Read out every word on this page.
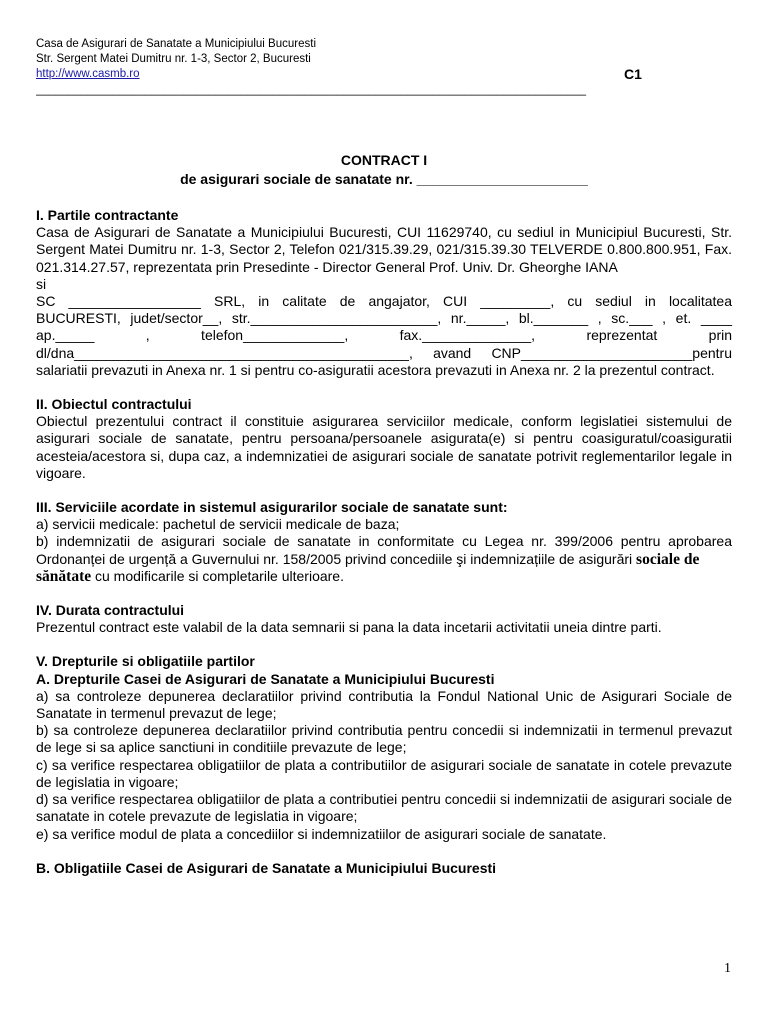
Casa de Asigurari de Sanatate a Municipiului Bucuresti
Str. Sergent Matei Dumitru nr. 1-3, Sector 2, Bucuresti
http://www.casmb.ro	C1
______________________________________________________________________________________
CONTRACT I
de asigurari sociale de sanatate nr. ______________________

I. Partile contractante

Casa de Asigurari de Sanatate a Municipiului Bucuresti, CUI 11629740, cu sediul in Municipiul Bucuresti, Str. Sergent Matei Dumitru nr. 1-3, Sector 2, Telefon 021/315.39.29, 021/315.39.30 TELVERDE 0.800.800.951, Fax. 021.314.27.57, reprezentata prin Presedinte - Director General Prof. Univ. Dr. Gheorghe IANA

si

SC _________________ SRL, in calitate de angajator, CUI _________, cu sediul in localitatea

BUCURESTI, judet/sector__, str.________________________, nr._____, bl._______ , sc.___ , et. ____

ap._____ , telefon_____________, fax.______________, reprezentat prin

dl/dna___________________________________________, avand CNP______________________pentru

salariatii prevazuti in Anexa nr. 1 si pentru co-asiguratii acestora prevazuti in Anexa nr. 2 la prezentul contract.

II. Obiectul contractului

Obiectul prezentului contract il constituie asigurarea serviciilor medicale, conform legislatiei sistemului de asigurari sociale de sanatate, pentru persoana/persoanele asigurata(e) si pentru coasiguratul/coasiguratii acesteia/acestora si, dupa caz, a indemnizatiei de asigurari sociale de sanatate potrivit reglementarilor legale in vigoare.

III. Serviciile acordate in sistemul asigurarilor sociale de sanatate sunt:

a) servicii medicale: pachetul de servicii medicale de baza;

b) indemnizatii de asigurari sociale de sanatate in conformitate cu Legea nr. 399/2006 pentru aprobarea

Ordonanței de urgență a Guvernului nr. 158/2005 privind concediile şi indemnizațiile de asigurări sociale de sănătate cu modificarile si completarile ulterioare.

IV. Durata contractului

Prezentul contract este valabil de la data semnarii si pana la data incetarii activitatii uneia dintre parti.

V. Drepturile si obligatiile partilor

A. Drepturile Casei de Asigurari de Sanatate a Municipiului Bucuresti

a) sa controleze depunerea declaratiilor privind contributia la Fondul National Unic de Asigurari Sociale de Sanatate in termenul prevazut de lege;

b) sa controleze depunerea declaratiilor privind contributia pentru concedii si indemnizatii in termenul prevazut de lege si sa aplice sanctiuni in conditiile prevazute de lege;

c) sa verifice respectarea obligatiilor de plata a contributiilor de asigurari sociale de sanatate in cotele prevazute de legislatia in vigoare;

d) sa verifice respectarea obligatiilor de plata a contributiei pentru concedii si indemnizatii de asigurari sociale de sanatate in cotele prevazute de legislatia in vigoare;

e) sa verifice modul de plata a concediilor si indemnizatiilor de asigurari sociale de sanatate.

B. Obligatiile Casei de Asigurari de Sanatate a Municipiului Bucuresti

1
